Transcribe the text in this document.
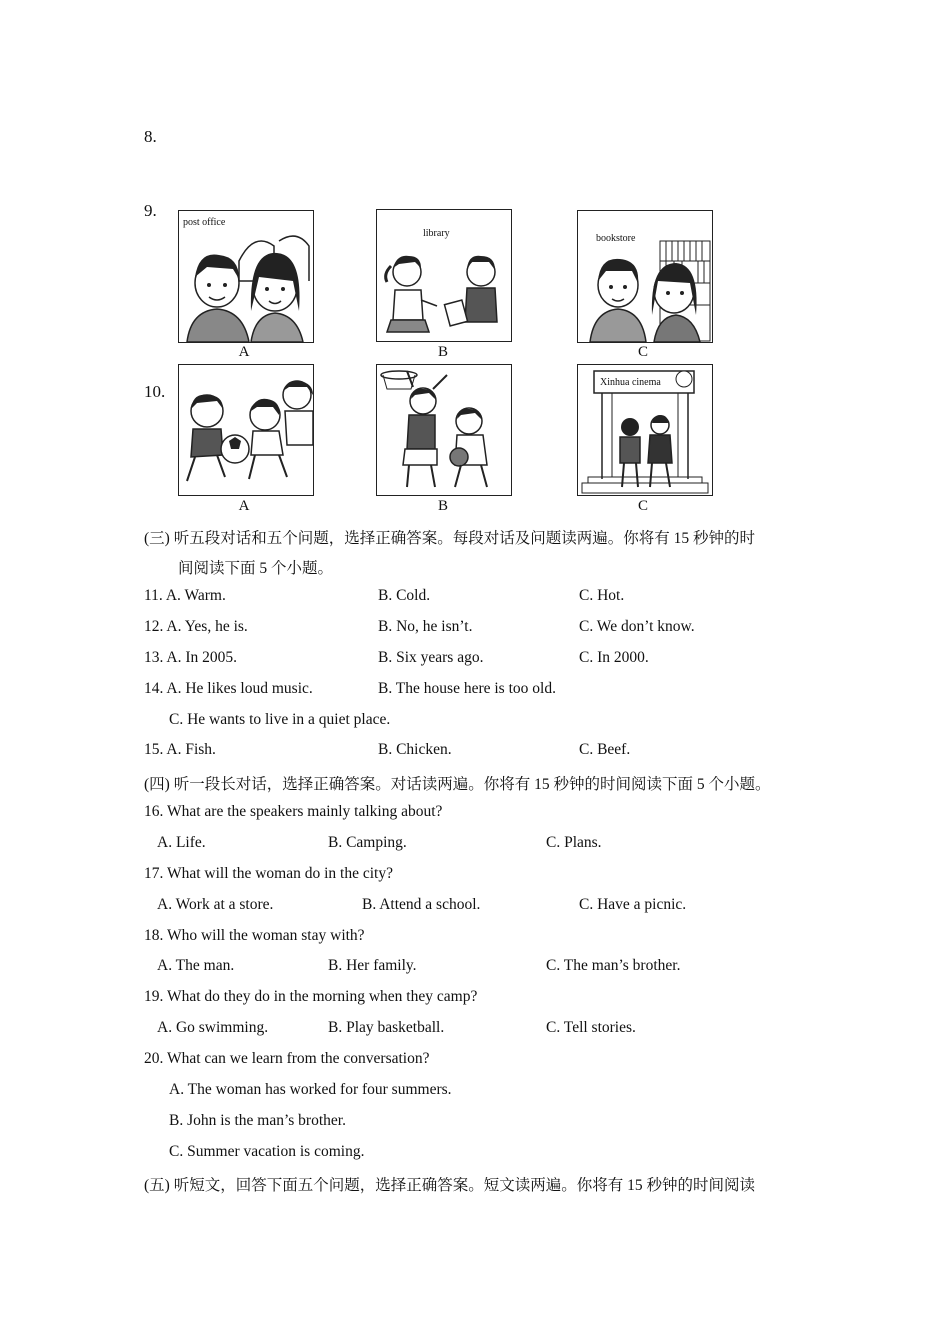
8.
9.
post office
A
library
B
bookstore
C
10.
A	B
Xinhua cinema
C
(三) 听五段对话和五个问题，选择正确答案。每段对话及问题读两遍。你将有 15 秒钟的时
间阅读下面 5 个小题。
11. A. Warm.	B. Cold.	C. Hot.
12. A. Yes, he is.	B. No, he isn’t.	C. We don’t know.
13. A. In 2005.	B. Six years ago.	C. In 2000.
14. A. He likes loud music.	B. The house here is too old.
C. He wants to live in a quiet place.
15. A. Fish.	B. Chicken.	C. Beef.
(四) 听一段长对话，选择正确答案。对话读两遍。你将有 15 秒钟的时间阅读下面 5 个小题。
16. What are the speakers mainly talking about?
A. Life.	B. Camping.	C. Plans.
17. What will the woman do in the city?
A. Work at a store.	B. Attend a school.	C. Have a picnic.
18. Who will the woman stay with?
A. The man.	B. Her family.	C. The man’s brother.
19. What do they do in the morning when they camp?
A. Go swimming.	B. Play basketball.	C. Tell stories.
20. What can we learn from the conversation?
A. The woman has worked for four summers.
B. John is the man’s brother.
C. Summer vacation is coming.
(五) 听短文，回答下面五个问题，选择正确答案。短文读两遍。你将有 15 秒钟的时间阅读
